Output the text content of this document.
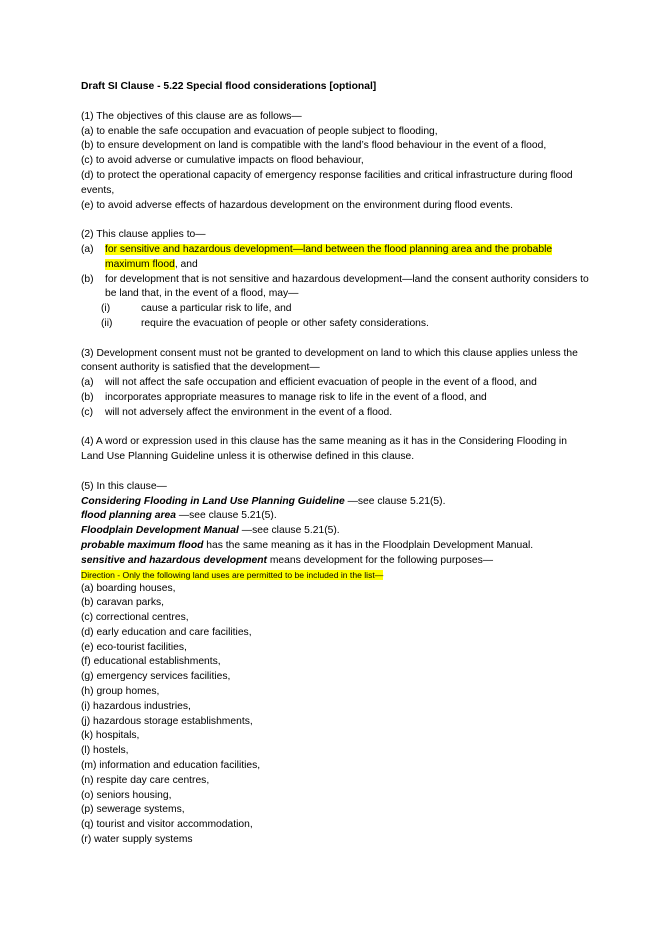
Draft SI Clause - 5.22 Special flood considerations [optional]

(1) The objectives of this clause are as follows—

(a) to enable the safe occupation and evacuation of people subject to flooding,

(b) to ensure development on land is compatible with the land’s flood behaviour in the event of a flood,

(c) to avoid adverse or cumulative impacts on flood behaviour,

(d) to protect the operational capacity of emergency response facilities and critical infrastructure during flood events,

(e) to avoid adverse effects of hazardous development on the environment during flood events.

(2) This clause applies to—

(a)	for sensitive and hazardous development—land between the flood planning area and the probable maximum flood, and
(b)	for development that is not sensitive and hazardous development—land the consent authority considers to be land that, in the event of a flood, may—
(i)	cause a particular risk to life, and
(ii)	require the evacuation of people or other safety considerations.

(3) Development consent must not be granted to development on land to which this clause applies unless the consent authority is satisfied that the development—

(a)	will not affect the safe occupation and efficient evacuation of people in the event of a flood, and
(b)	incorporates appropriate measures to manage risk to life in the event of a flood, and
(c)	will not adversely affect the environment in the event of a flood.

(4) A word or expression used in this clause has the same meaning as it has in the Considering Flooding in Land Use Planning Guideline unless it is otherwise defined in this clause.

(5) In this clause—

Considering Flooding in Land Use Planning Guideline —see clause 5.21(5).

flood planning area —see clause 5.21(5).

Floodplain Development Manual —see clause 5.21(5).

probable maximum flood has the same meaning as it has in the Floodplain Development Manual.

sensitive and hazardous development means development for the following purposes—

Direction - Only the following land uses are permitted to be included in the list—

(a) boarding houses,

(b) caravan parks,

(c) correctional centres,

(d) early education and care facilities,

(e) eco-tourist facilities,

(f) educational establishments,

(g) emergency services facilities,

(h) group homes,

(i) hazardous industries,

(j) hazardous storage establishments,

(k) hospitals,

(l) hostels,

(m) information and education facilities,

(n) respite day care centres,

(o) seniors housing,

(p) sewerage systems,

(q) tourist and visitor accommodation,

(r) water supply systems
